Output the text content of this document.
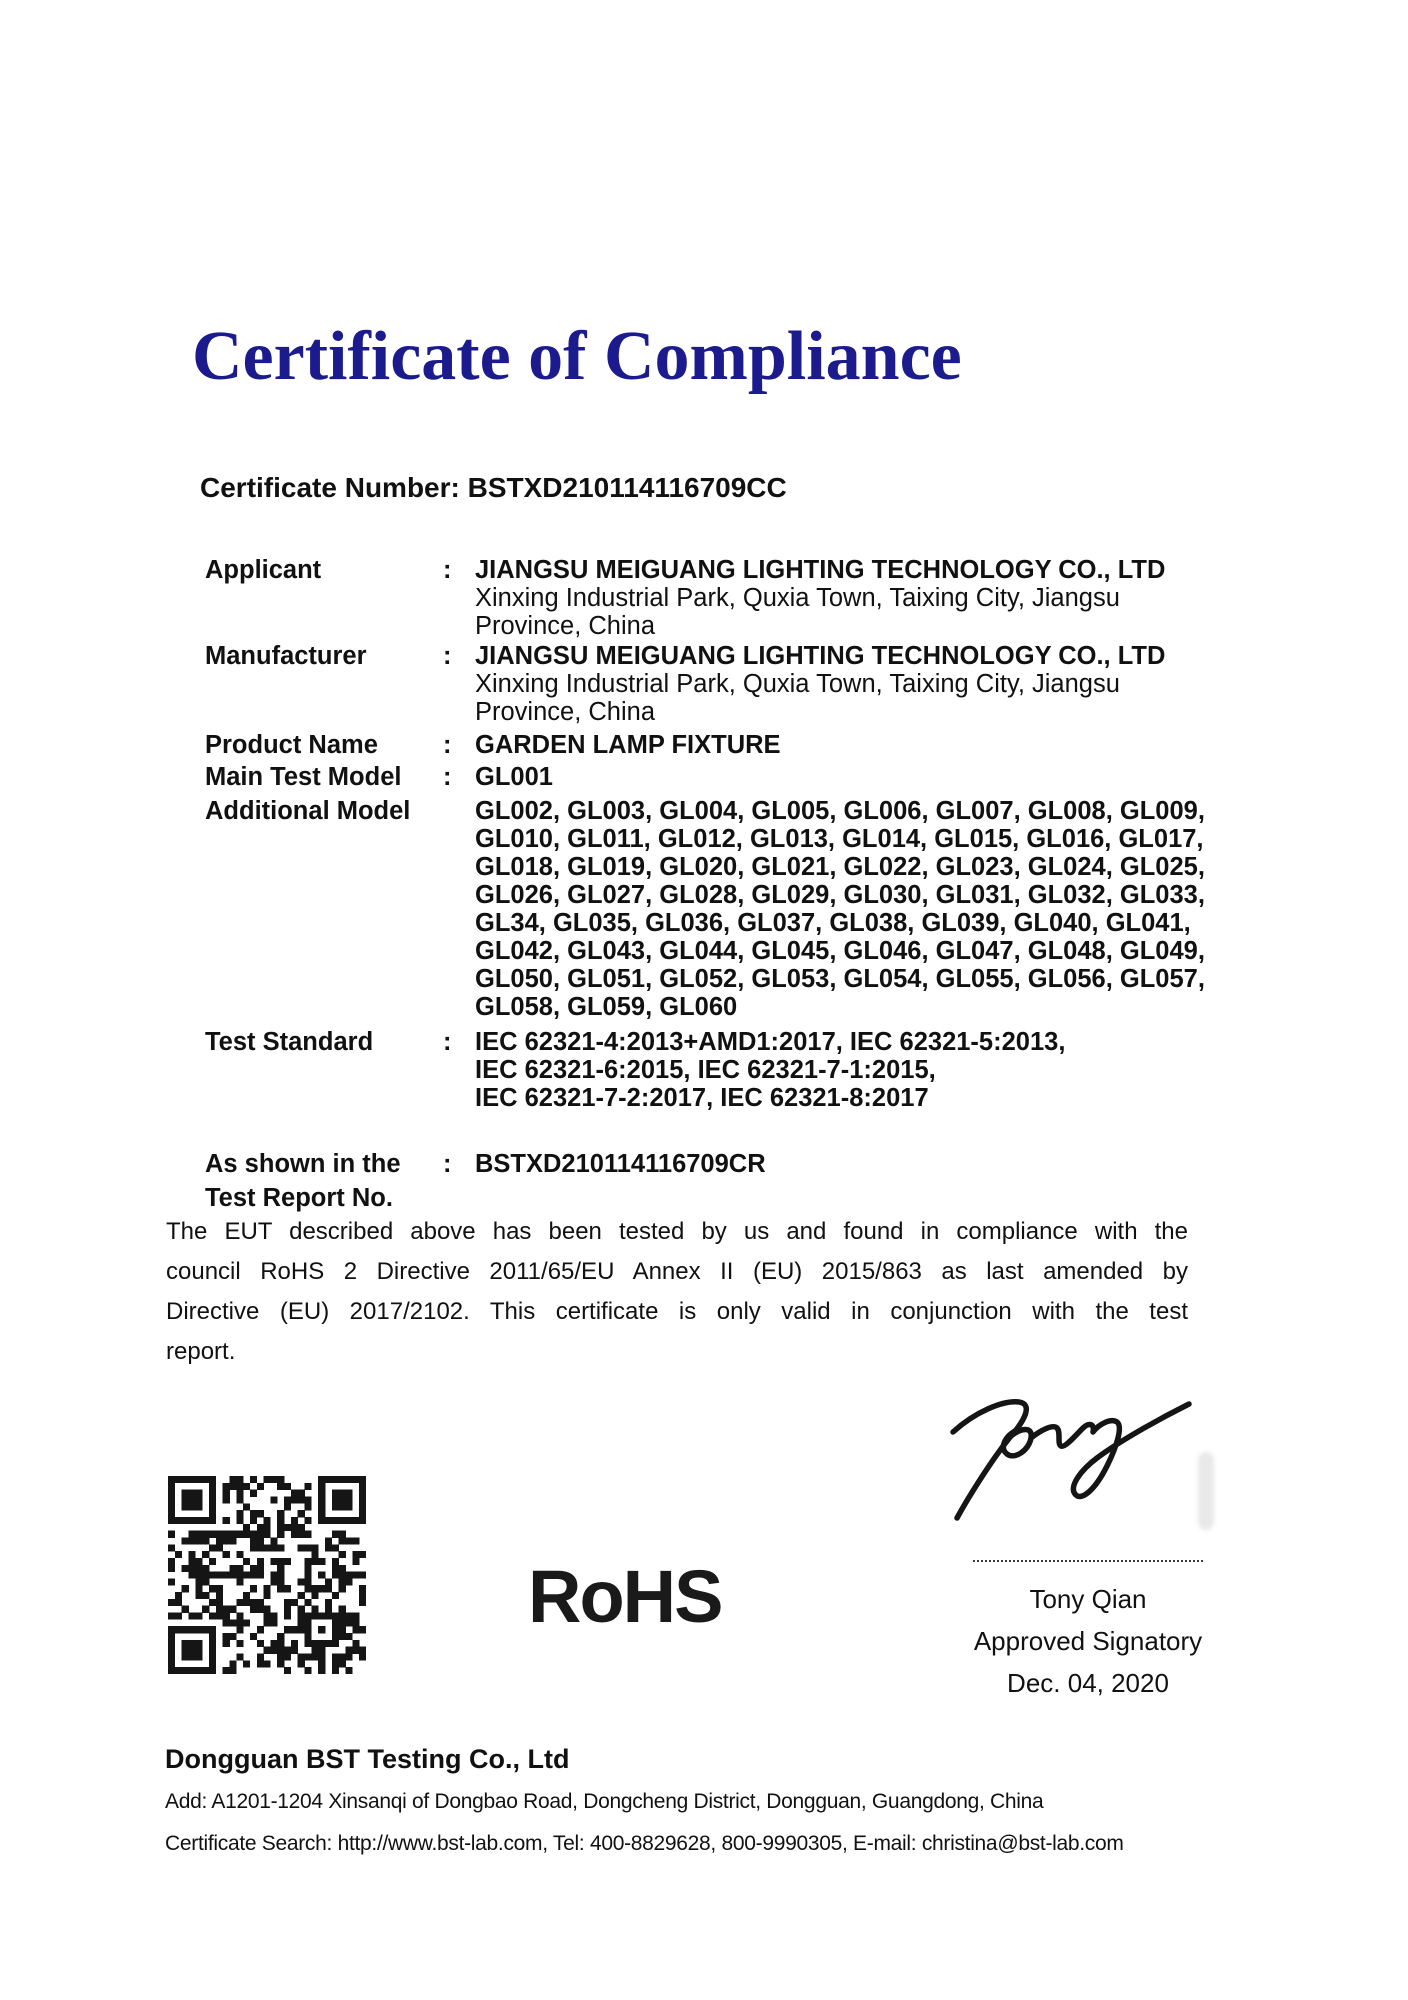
Certificate of Compliance
Certificate Number: BSTXD210114116709CC
Applicant	: JIANGSU MEIGUANG LIGHTING TECHNOLOGY CO., LTD
Xinxing Industrial Park, Quxia Town, Taixing City, Jiangsu
Province, China
Manufacturer	: JIANGSU MEIGUANG LIGHTING TECHNOLOGY CO., LTD
Xinxing Industrial Park, Quxia Town, Taixing City, Jiangsu
Province, China
Product Name	: GARDEN LAMP FIXTURE
Main Test Model : GL001
Additional Model	GL002, GL003, GL004, GL005, GL006, GL007, GL008, GL009,
GL010, GL011, GL012, GL013, GL014, GL015, GL016, GL017,
GL018, GL019, GL020, GL021, GL022, GL023, GL024, GL025,
GL026, GL027, GL028, GL029, GL030, GL031, GL032, GL033,
GL34, GL035, GL036, GL037, GL038, GL039, GL040, GL041,
GL042, GL043, GL044, GL045, GL046, GL047, GL048, GL049,
GL050, GL051, GL052, GL053, GL054, GL055, GL056, GL057,
GL058, GL059, GL060
Test Standard	: IEC 62321-4:2013+AMD1:2017, IEC 62321-5:2013,
IEC 62321-6:2015, IEC 62321-7-1:2015,
IEC 62321-7-2:2017, IEC 62321-8:2017
As shown in the
Test Report No.
: BSTXD210114116709CR
The EUT described above has been tested by us and found in compliance with the
council RoHS 2 Directive 2011/65/EU Annex II (EU) 2015/863 as last amended by
Directive (EU) 2017/2102. This certificate is only valid in conjunction with the test
report.
RoHS	Tony Qian
Approved Signatory
Dec. 04, 2020
Dongguan BST Testing Co., Ltd
Add: A1201-1204 Xinsanqi of Dongbao Road, Dongcheng District, Dongguan, Guangdong, China
Certificate Search: http://www.bst-lab.com, Tel: 400-8829628, 800-9990305, E-mail: christina@bst-lab.com
